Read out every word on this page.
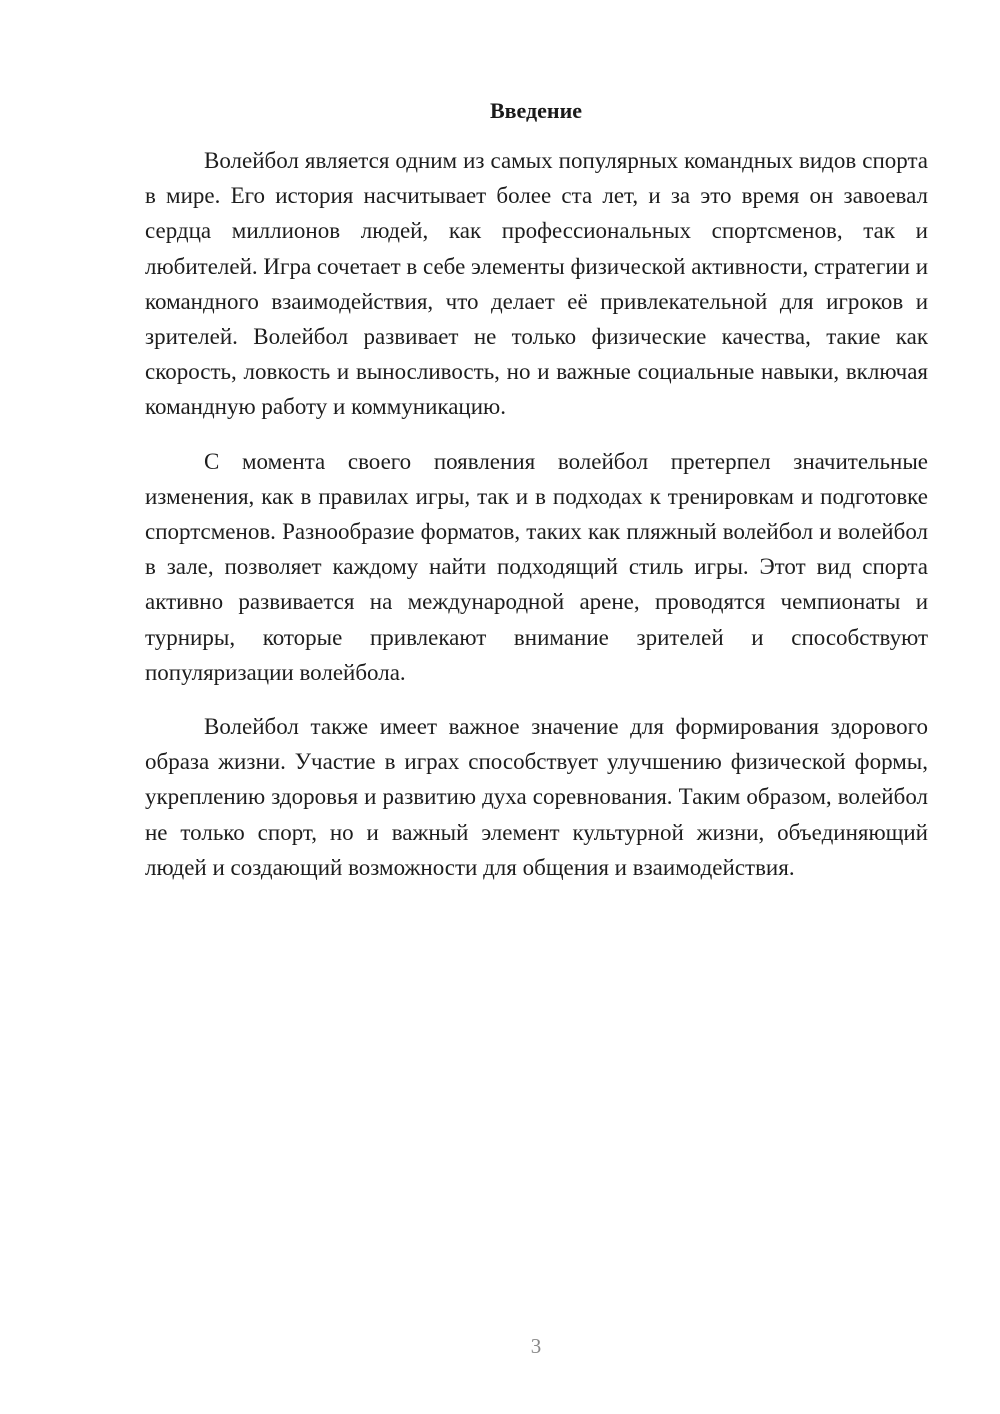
Введение

Волейбол является одним из самых популярных командных видов спорта в мире. Его история насчитывает более ста лет, и за это время он завоевал сердца миллионов людей, как профессиональных спортсменов, так и любителей. Игра сочетает в себе элементы физической активности, стратегии и командного взаимодействия, что делает её привлекательной для игроков и зрителей. Волейбол развивает не только физические качества, такие как скорость, ловкость и выносливость, но и важные социальные навыки, включая командную работу и коммуникацию.

С момента своего появления волейбол претерпел значительные изменения, как в правилах игры, так и в подходах к тренировкам и подготовке спортсменов. Разнообразие форматов, таких как пляжный волейбол и волейбол в зале, позволяет каждому найти подходящий стиль игры. Этот вид спорта активно развивается на международной арене, проводятся чемпионаты и турниры, которые привлекают внимание зрителей и способствуют популяризации волейбола.

Волейбол также имеет важное значение для формирования здорового образа жизни. Участие в играх способствует улучшению физической формы, укреплению здоровья и развитию духа соревнования. Таким образом, волейбол не только спорт, но и важный элемент культурной жизни, объединяющий людей и создающий возможности для общения и взаимодействия.

3
